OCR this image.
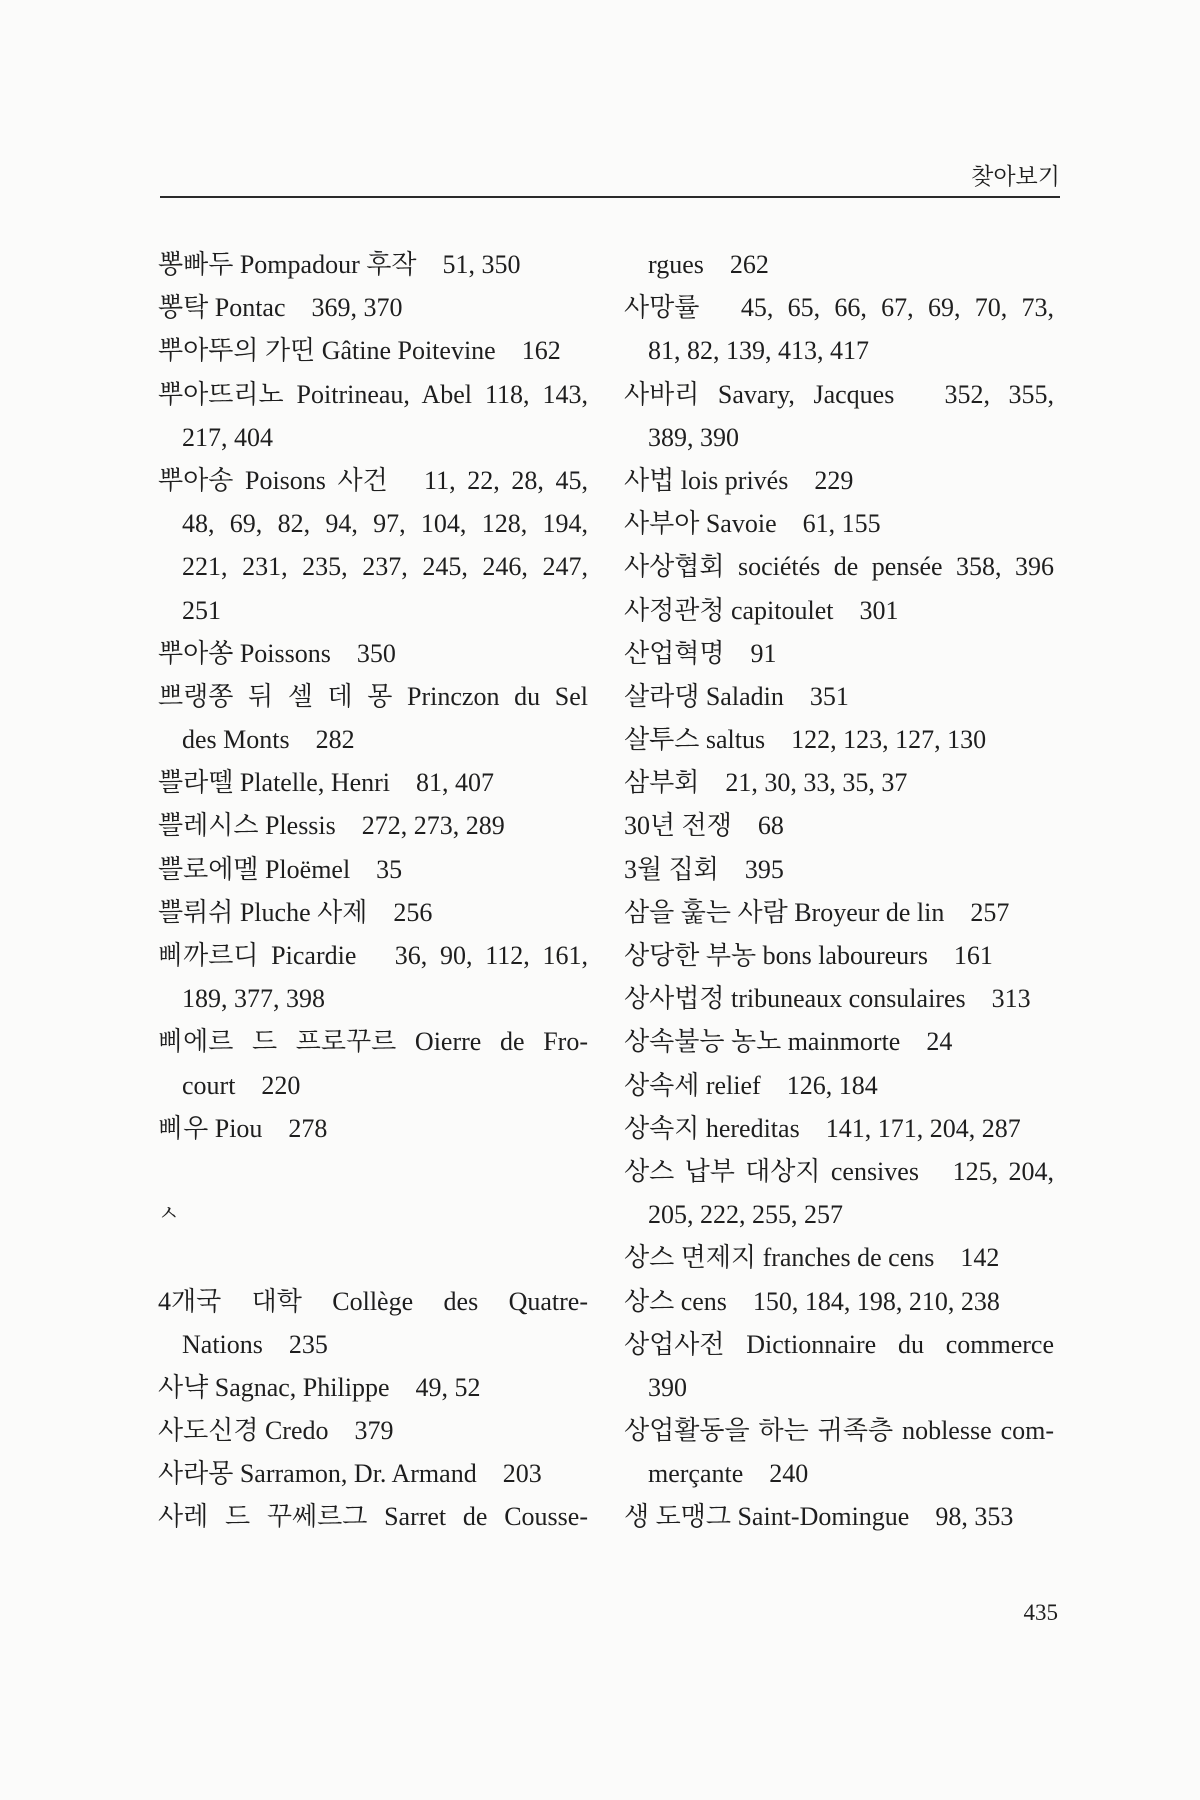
찾아보기
뽕빠두 Pompadour 후작　51, 350
뽕탁 Pontac　369, 370
뿌아뚜의 가띤 Gâtine Poitevine　162
뿌아뜨리노 Poitrineau, Abel 118, 143,
217, 404
뿌아송 Poisons 사건　11, 22, 28, 45,
48, 69, 82, 94, 97, 104, 128, 194,
221, 231, 235, 237, 245, 246, 247,
251
뿌아쏭 Poissons　350
쁘랭쫑 뒤 셀 데 몽 Princzon du Sel
des Monts　282
쁠라뗄 Platelle, Henri　81, 407
쁠레시스 Plessis　272, 273, 289
쁠로에멜 Ploëmel　35
쁠뤼쉬 Pluche 사제　256
삐까르디 Picardie　36, 90, 112, 161,
189, 377, 398
삐에르 드 프로꾸르 Oierre de Fro-
court　220
삐우 Piou　278
ㅅ
4개국 대학 Collège des Quatre-
Nations　235
사냑 Sagnac, Philippe　49, 52
사도신경 Credo　379
사라몽 Sarramon, Dr. Armand　203
사레 드 꾸쎄르그 Sarret de Cousse-
rgues　262
사망률　45, 65, 66, 67, 69, 70, 73,
81, 82, 139, 413, 417
사바리 Savary, Jacques　352, 355,
389, 390
사법 lois privés　229
사부아 Savoie　61, 155
사상협회 sociétés de pensée 358, 396
사정관청 capitoulet　301
산업혁명　91
살라댕 Saladin　351
살투스 saltus　122, 123, 127, 130
삼부회　21, 30, 33, 35, 37
30년 전쟁　68
3월 집회　395
삼을 훑는 사람 Broyeur de lin　257
상당한 부농 bons laboureurs　161
상사법정 tribuneaux consulaires　313
상속불능 농노 mainmorte　24
상속세 relief　126, 184
상속지 hereditas　141, 171, 204, 287
상스 납부 대상지 censives　125, 204,
205, 222, 255, 257
상스 면제지 franches de cens　142
상스 cens　150, 184, 198, 210, 238
상업사전 Dictionnaire du commerce
390
상업활동을 하는 귀족층 noblesse com-
merçante　240
생 도맹그 Saint-Domingue　98, 353
435
